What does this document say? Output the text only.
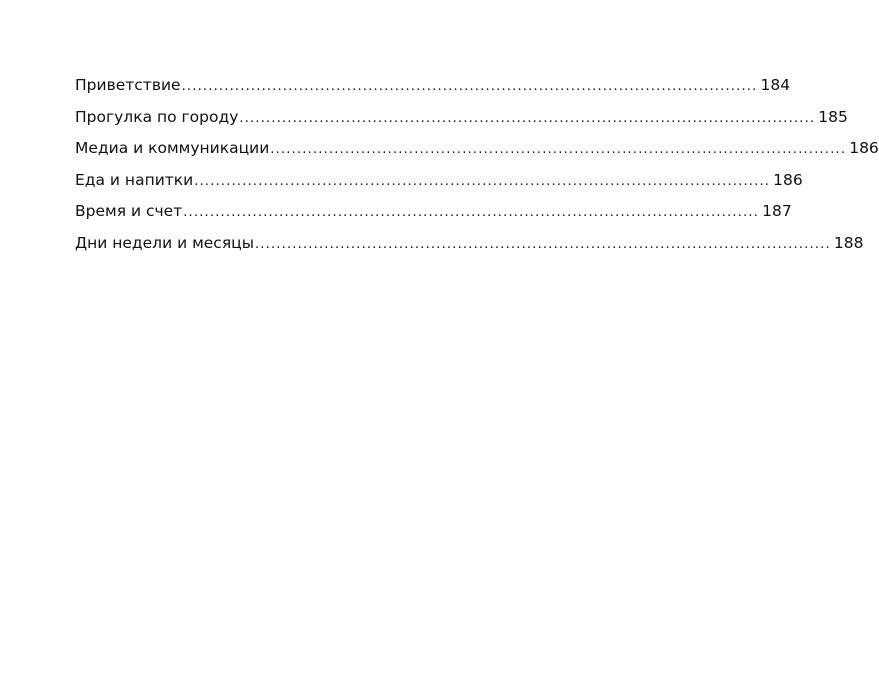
Приветствие ............................................................................................................ 184
Прогулка по городу ............................................................................................................ 185
Медиа и коммуникации ............................................................................................................ 186
Еда и напитки ............................................................................................................ 186
Время и счет ............................................................................................................ 187
Дни недели и месяцы ............................................................................................................ 188
